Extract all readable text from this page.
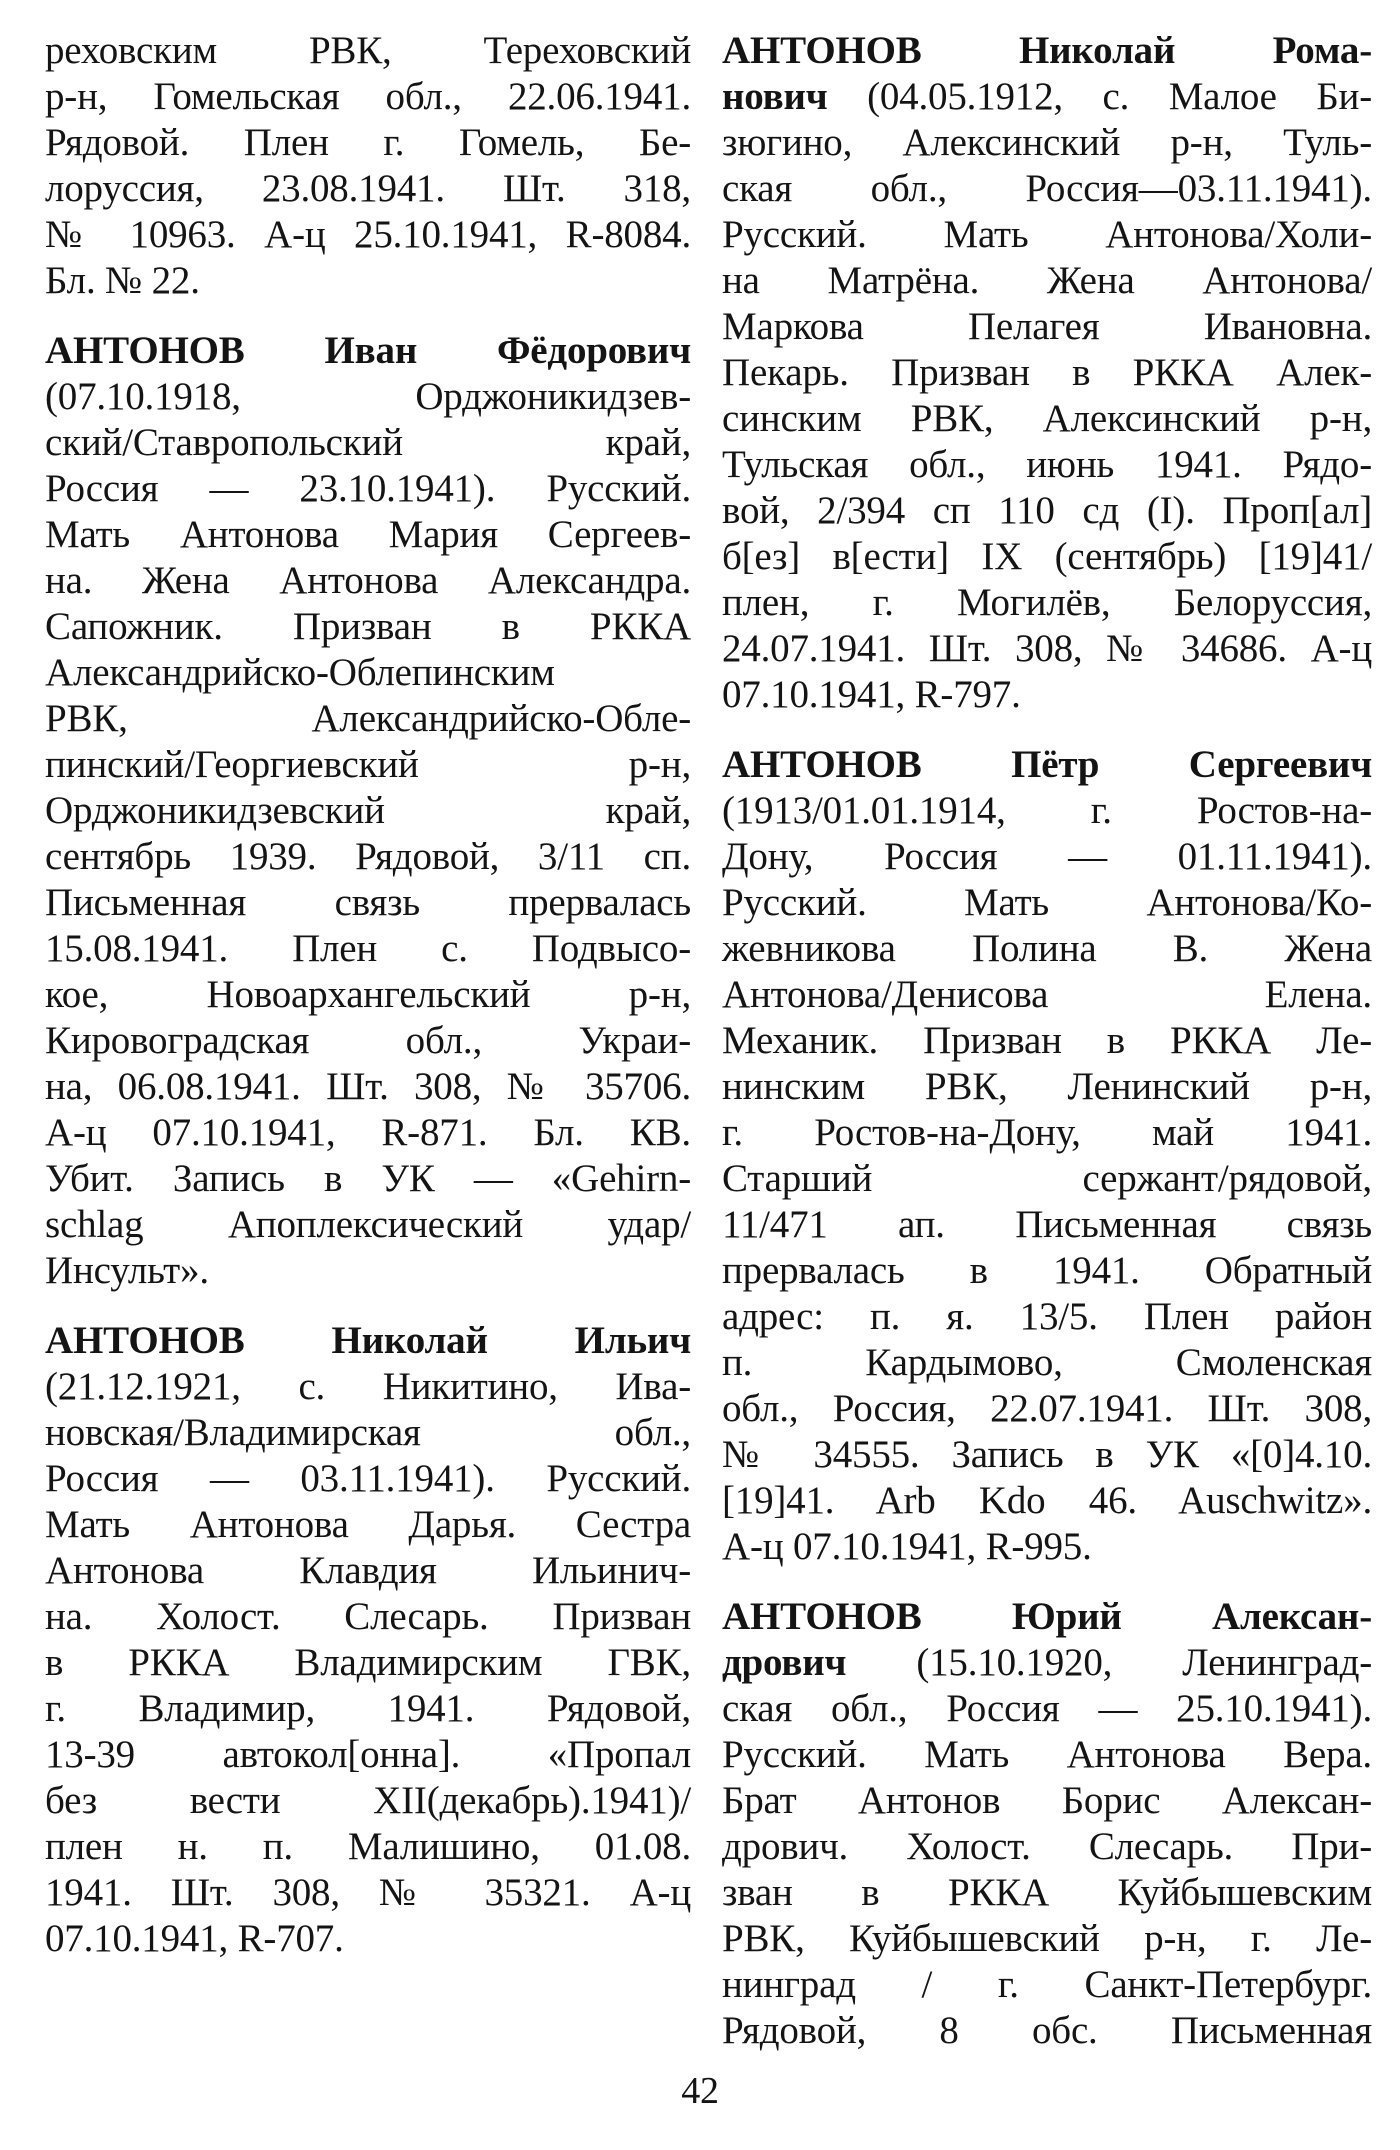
реховским РВК, Тереховский
р-н, Гомельская обл., 22.06.1941.
Рядовой. Плен г. Гомель, Бе-
лоруссия, 23.08.1941. Шт. 318,
№ 10963. А-ц 25.10.1941, R-8084.
Бл. № 22.
АНТОНОВ Иван Фёдорович
(07.10.1918, Орджоникидзев-
ский/Ставропольский край,
Россия — 23.10.1941). Русский.
Мать Антонова Мария Сергеев-
на. Жена Антонова Александра.
Сапожник. Призван в РККА
Александрийско-Облепинским
РВК, Александрийско-Обле-
пинский/Георгиевский р-н,
Орджоникидзевский край,
сентябрь 1939. Рядовой, 3/11 сп.
Письменная связь прервалась
15.08.1941. Плен с. Подвысо-
кое, Новоархангельский р-н,
Кировоградская обл., Украи-
на, 06.08.1941. Шт. 308, № 35706.
А-ц 07.10.1941, R-871. Бл. КВ.
Убит. Запись в УК — «Gehirn-
schlag Апоплексический удар/
Инсульт».
АНТОНОВ Николай Ильич
(21.12.1921, с. Никитино, Ива-
новская/Владимирская обл.,
Россия — 03.11.1941). Русский.
Мать Антонова Дарья. Сестра
Антонова Клавдия Ильинич-
на. Холост. Слесарь. Призван
в РККА Владимирским ГВК,
г. Владимир, 1941. Рядовой,
13-39 автокол[онна]. «Пропал
без вести XII(декабрь).1941)/
плен н. п. Малишино, 01.08.
1941. Шт. 308, № 35321. А-ц
07.10.1941, R-707.
АНТОНОВ Николай Рома-
нович (04.05.1912, с. Малое Би-
зюгино, Алексинский р-н, Туль-
ская обл., Россия—03.11.1941).
Русский. Мать Антонова/Холи-
на Матрёна. Жена Антонова/
Маркова Пелагея Ивановна.
Пекарь. Призван в РККА Алек-
синским РВК, Алексинский р-н,
Тульская обл., июнь 1941. Рядо-
вой, 2/394 сп 110 сд (I). Проп[ал]
б[ез] в[ести] IX (сентябрь) [19]41/
плен, г. Могилёв, Белоруссия,
24.07.1941. Шт. 308, № 34686. А-ц
07.10.1941, R-797.
АНТОНОВ Пётр Сергеевич
(1913/01.01.1914, г. Ростов-на-
Дону, Россия — 01.11.1941).
Русский. Мать Антонова/Ко-
жевникова Полина В. Жена
Антонова/Денисова Елена.
Механик. Призван в РККА Ле-
нинским РВК, Ленинский р-н,
г. Ростов-на-Дону, май 1941.
Старший сержант/рядовой,
11/471 ап. Письменная связь
прервалась в 1941. Обратный
адрес: п. я. 13/5. Плен район
п. Кардымово, Смоленская
обл., Россия, 22.07.1941. Шт. 308,
№ 34555. Запись в УК «[0]4.10.
[19]41. Arb Kdo 46. Auschwitz».
А-ц 07.10.1941, R-995.
АНТОНОВ Юрий Алексан-
дрович (15.10.1920, Ленинград-
ская обл., Россия — 25.10.1941).
Русский. Мать Антонова Вера.
Брат Антонов Борис Алексан-
дрович. Холост. Слесарь. При-
зван в РККА Куйбышевским
РВК, Куйбышевский р-н, г. Ле-
нинград / г. Санкт-Петербург.
Рядовой, 8 обс. Письменная
42
